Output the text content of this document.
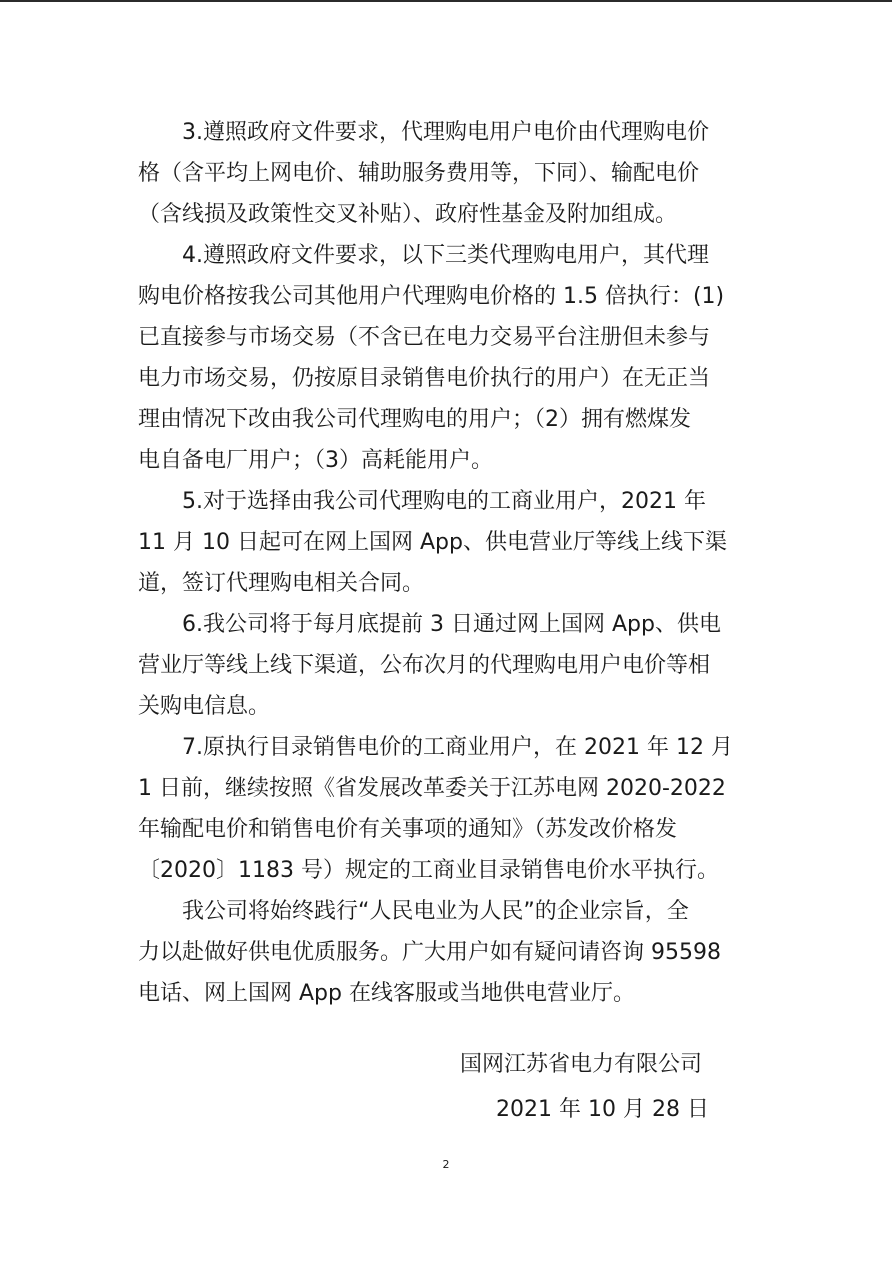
3.遵照政府文件要求，代理购电用户电价由代理购电价
格（含平均上网电价、辅助服务费用等，下同）、输配电价
（含线损及政策性交叉补贴）、政府性基金及附加组成。

4.遵照政府文件要求，以下三类代理购电用户，其代理
购电价格按我公司其他用户代理购电价格的 1.5 倍执行：(1)
已直接参与市场交易（不含已在电力交易平台注册但未参与
电力市场交易，仍按原目录销售电价执行的用户）在无正当
理由情况下改由我公司代理购电的用户；（2）拥有燃煤发
电自备电厂用户；（3）高耗能用户。

5.对于选择由我公司代理购电的工商业用户，2021 年
11 月 10 日起可在网上国网 App、供电营业厅等线上线下渠
道，签订代理购电相关合同。

6.我公司将于每月底提前 3 日通过网上国网 App、供电
营业厅等线上线下渠道，公布次月的代理购电用户电价等相
关购电信息。

7.原执行目录销售电价的工商业用户，在 2021 年 12 月
1 日前，继续按照《省发展改革委关于江苏电网 2020-2022
年输配电价和销售电价有关事项的通知》（苏发改价格发
〔2020〕1183 号）规定的工商业目录销售电价水平执行。

我公司将始终践行“人民电业为人民”的企业宗旨，全
力以赴做好供电优质服务。广大用户如有疑问请咨询 95598
电话、网上国网 App 在线客服或当地供电营业厅。

国网江苏省电力有限公司
2021 年 10 月 28 日
2
